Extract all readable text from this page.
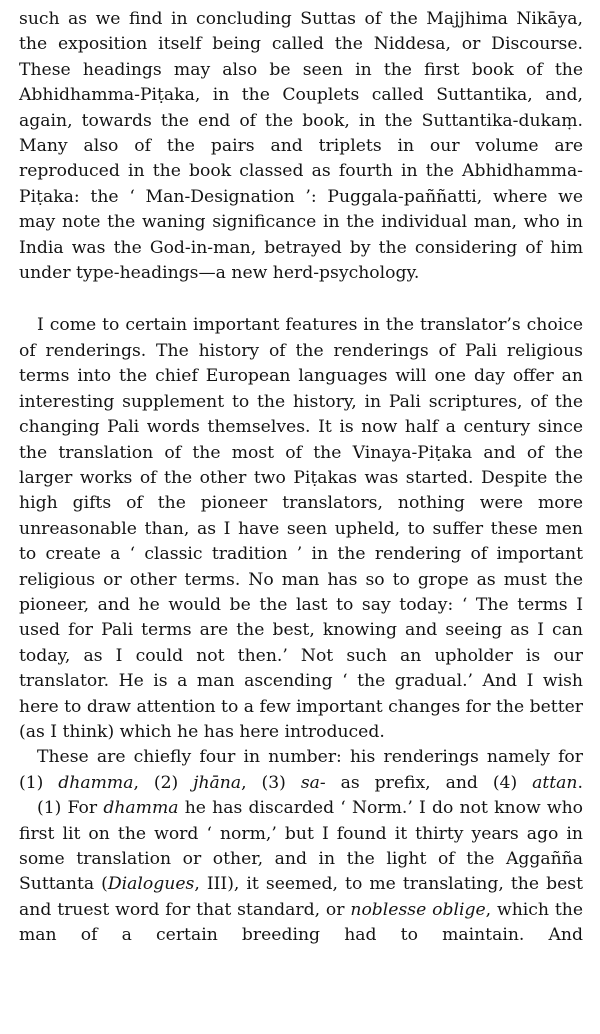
such as we find in concluding Suttas of the Majjhima Nikāya, the exposition itself being called the Niddesa, or Discourse. These headings may also be seen in the first book of the Abhidhamma-Piṭaka, in the Couplets called Suttantika, and, again, towards the end of the book, in the Suttantika-dukaṃ. Many also of the pairs and triplets in our volume are reproduced in the book classed as fourth in the Abhidhamma-Piṭaka: the ‘ Man-Designation ’: Puggala-paññatti, where we may note the waning significance in the individual man, who in India was the God-in-man, betrayed by the considering of him under type-headings—a new herd-psychology.

I come to certain important features in the translator’s choice of renderings. The history of the renderings of Pali religious terms into the chief European languages will one day offer an interesting supplement to the history, in Pali scriptures, of the changing Pali words themselves. It is now half a century since the translation of the most of the Vinaya-Piṭaka and of the larger works of the other two Piṭakas was started. Despite the high gifts of the pioneer translators, nothing were more unreasonable than, as I have seen upheld, to suffer these men to create a ‘ classic tradition ’ in the rendering of important religious or other terms. No man has so to grope as must the pioneer, and he would be the last to say today: ‘ The terms I used for Pali terms are the best, knowing and seeing as I can today, as I could not then.’ Not such an upholder is our translator. He is a man ascending ‘ the gradual.’ And I wish here to draw attention to a few important changes for the better (as I think) which he has here introduced.

These are chiefly four in number: his renderings namely for (1) dhamma, (2) jhāna, (3) sa- as prefix, and (4) attan.

(1) For dhamma he has discarded ‘ Norm.’ I do not know who first lit on the word ‘ norm,’ but I found it thirty years ago in some translation or other, and in the light of the Aggañña Suttanta (Dialogues, III), it seemed, to me translating, the best and truest word for that standard, or noblesse oblige, which the man of a certain breeding had to maintain. And
